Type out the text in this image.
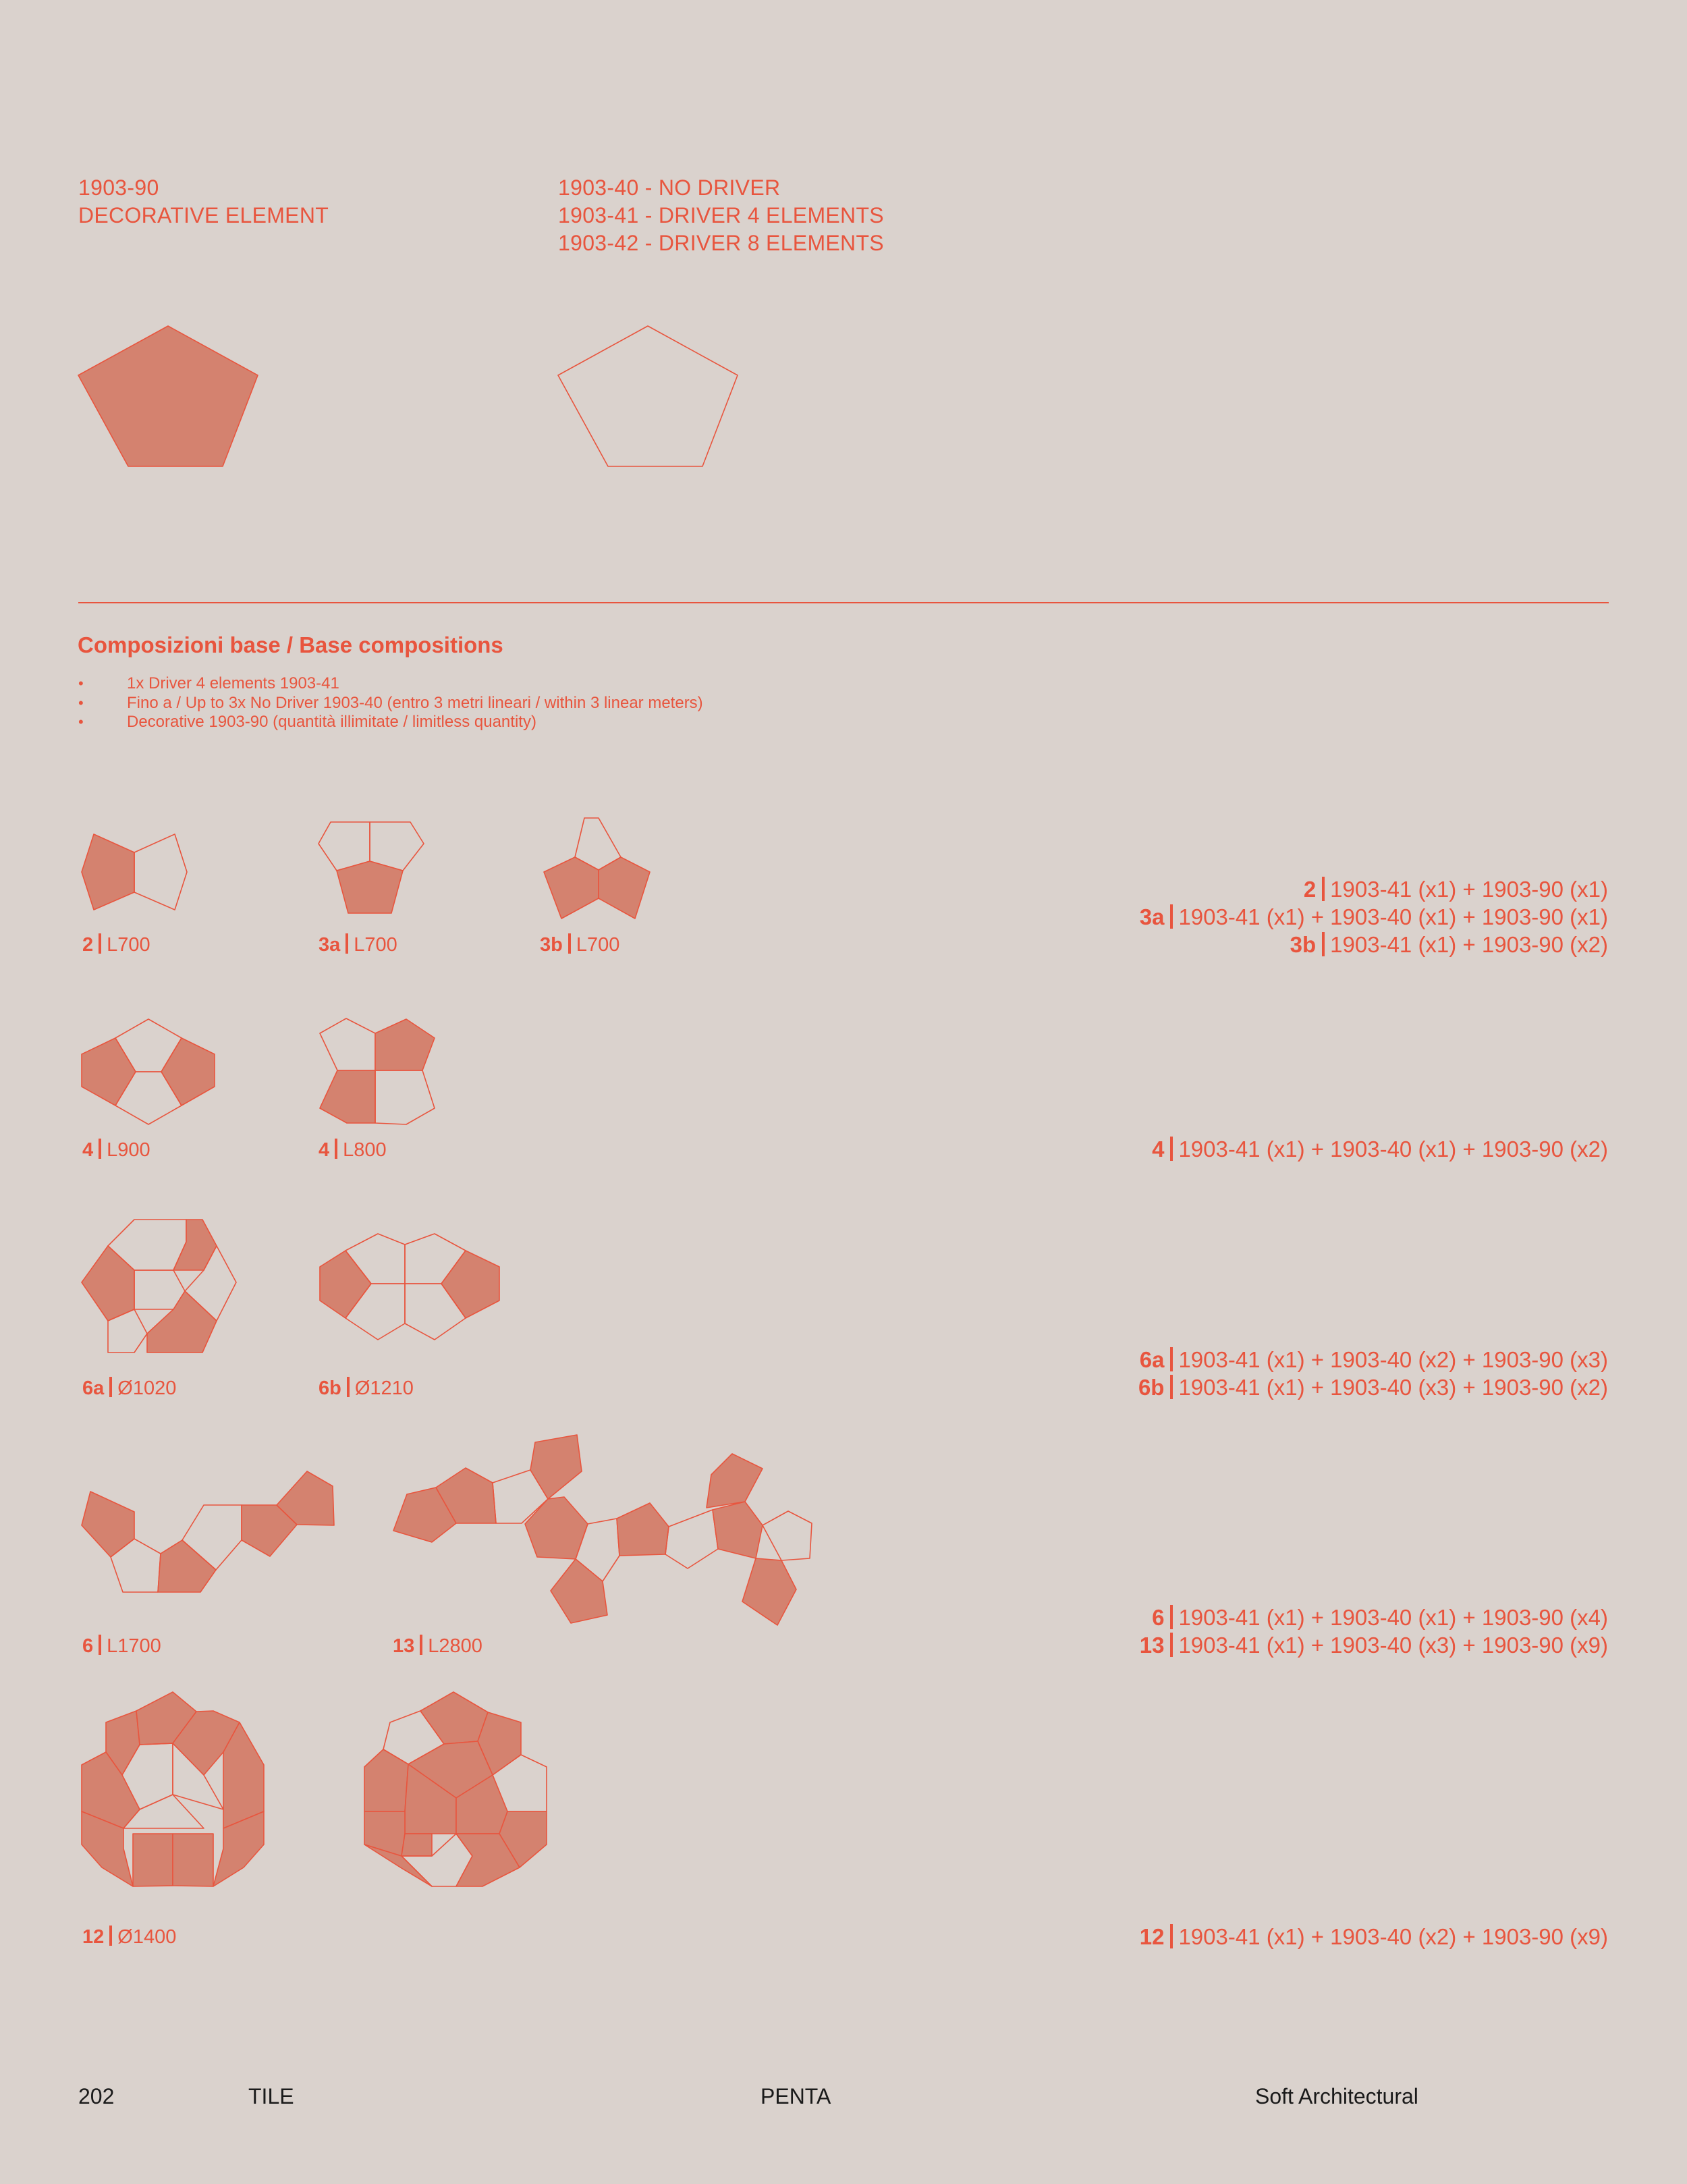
1903-90
DECORATIVE ELEMENT
1903-40 - NO DRIVER
1903-41 - DRIVER 4 ELEMENTS
1903-42 - DRIVER 8 ELEMENTS
Composizioni base / Base compositions
• 1x Driver 4 elements 1903-41
• Fino a / Up to 3x No Driver 1903-40 (entro 3 metri lineari / within 3 linear meters)
• Decorative 1903-90 (quantità illimitate / limitless quantity)
2 L700	3a L700	3b L700
4 L900	4 L800
6a Ø1020	6b Ø1210
6 L1700	13 L2800
12 Ø1400
2 1903-41 (x1) + 1903-90 (x1)
3a 1903-41 (x1) + 1903-40 (x1) + 1903-90 (x1)
3b 1903-41 (x1) + 1903-90 (x2)
4 1903-41 (x1) + 1903-40 (x1) + 1903-90 (x2)
6a 1903-41 (x1) + 1903-40 (x2) + 1903-90 (x3)
6b 1903-41 (x1) + 1903-40 (x3) + 1903-90 (x2)
6 1903-41 (x1) + 1903-40 (x1) + 1903-90 (x4)
13 1903-41 (x1) + 1903-40 (x3) + 1903-90 (x9)
12 1903-41 (x1) + 1903-40 (x2) + 1903-90 (x9)
202	TILE	PENTA	Soft Architectural
